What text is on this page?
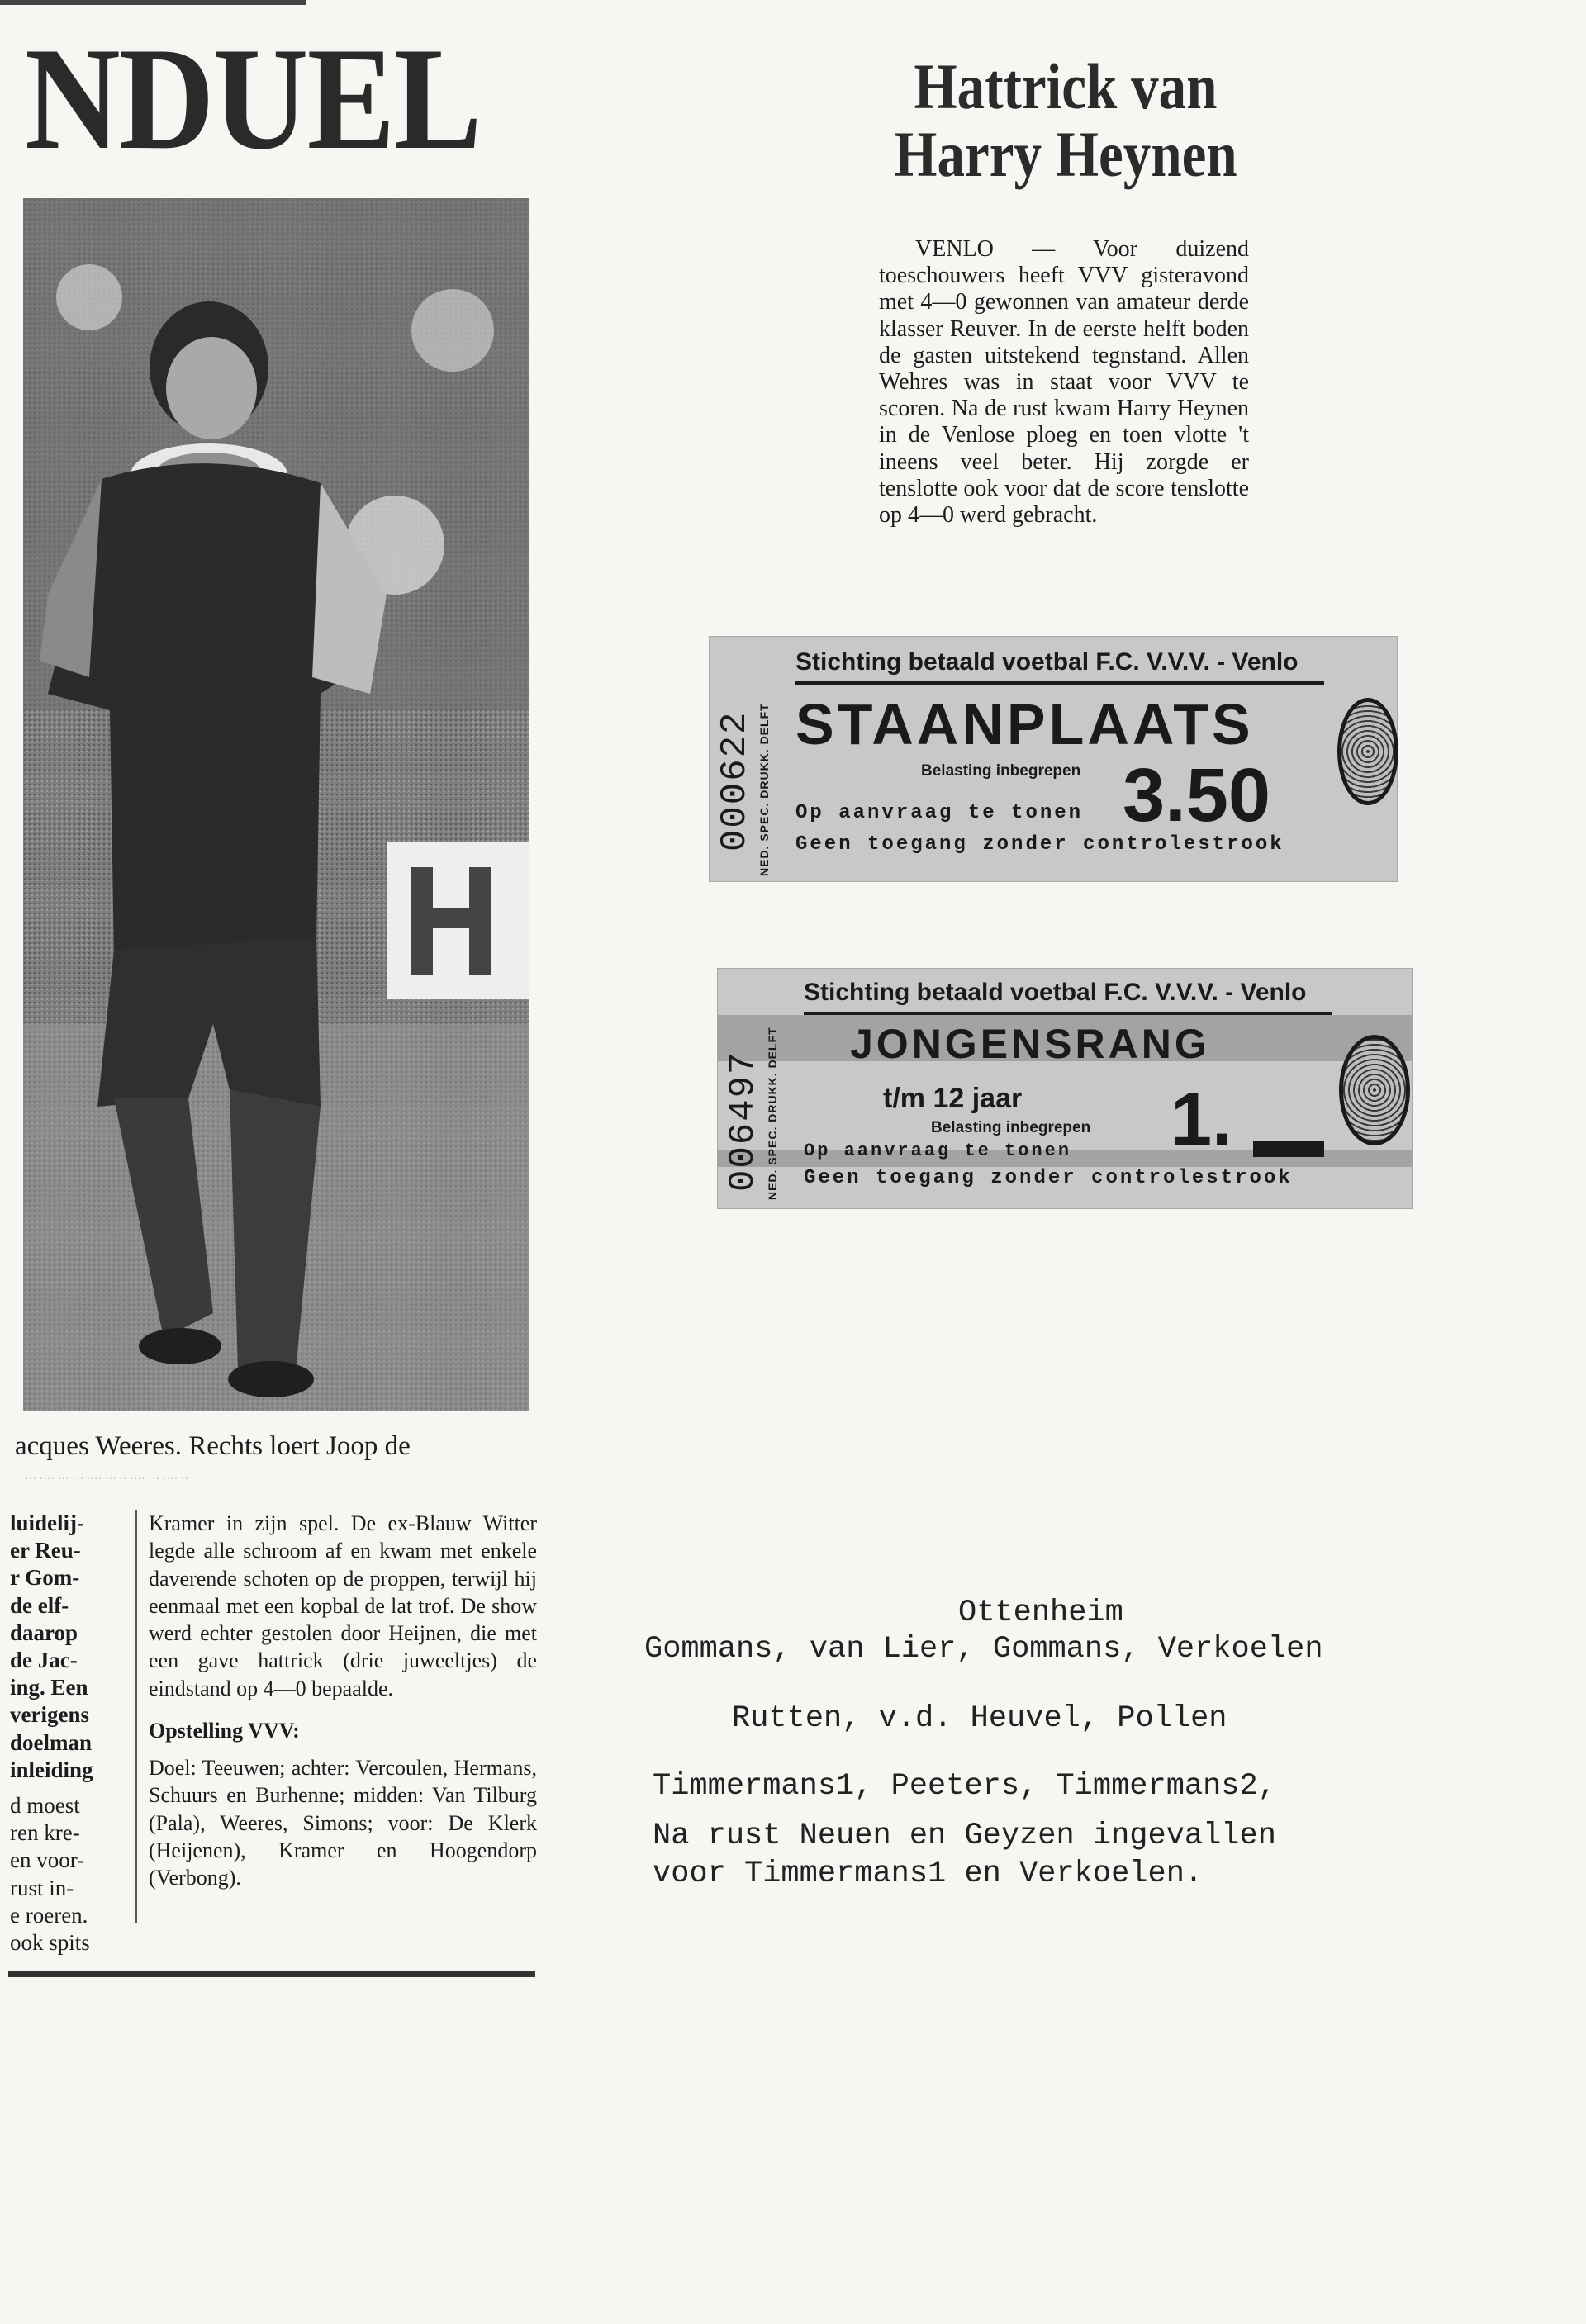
NDUEL
acques Weeres. Rechts loert Joop de
··· ···· ··· ··· ···· ··· ·· ···· ··· ···· ··

luidelij-

er Reu-

r Gom-

de elf-

daarop

de Jac-

ing. Een

verigens

doelman

inleiding

d moest

ren kre-

en voor-

rust in-

e roeren.

ook spits

Kramer in zijn spel. De ex-Blauw Witter legde alle schroom af en kwam met enkele daverende schoten op de proppen, terwijl hij eenmaal met een kopbal de lat trof. De show werd echter gestolen door Heijnen, die met een gave hattrick (drie juweeltjes) de eindstand op 4—0 bepaalde.

Opstelling VVV:

Doel: Teeuwen; achter: Vercoulen, Hermans, Schuurs en Burhenne; midden: Van Tilburg (Pala), Weeres, Simons; voor: De Klerk (Heijenen), Kramer en Hoogendorp (Verbong).

Hattrick van
Harry Heynen

VENLO — Voor duizend toeschouwers heeft VVV gisteravond met 4—0 gewonnen van amateur derde klasser Reuver. In de eerste helft boden de gasten uitstekend tegnstand. Allen Wehres was in staat voor VVV te scoren. Na de rust kwam Harry Heynen in de Venlose ploeg en toen vlotte 't ineens veel beter. Hij zorgde er tenslotte ook voor dat de score tenslotte op 4—0 werd gebracht.

000622 NED. SPEC. DRUKK. DELFT
Stichting betaald voetbal F.C. V.V.V. - Venlo
STAANPLAATS
Belasting inbegrepen 3.50
Op aanvraag te tonen
Geen toegang zonder controlestrook
006497 NED. SPEC. DRUKK. DELFT
Stichting betaald voetbal F.C. V.V.V. - Venlo
JONGENSRANG
t/m 12 jaar
Belasting inbegrepen 1.
Op aanvraag te tonen
Geen toegang zonder controlestrook
Ottenheim
Gommans, van Lier, Gommans, Verkoelen
Rutten, v.d. Heuvel, Pollen
Timmermans1, Peeters, Timmermans2,
Na rust Neuen en Geyzen ingevallen
voor Timmermans1 en Verkoelen.
